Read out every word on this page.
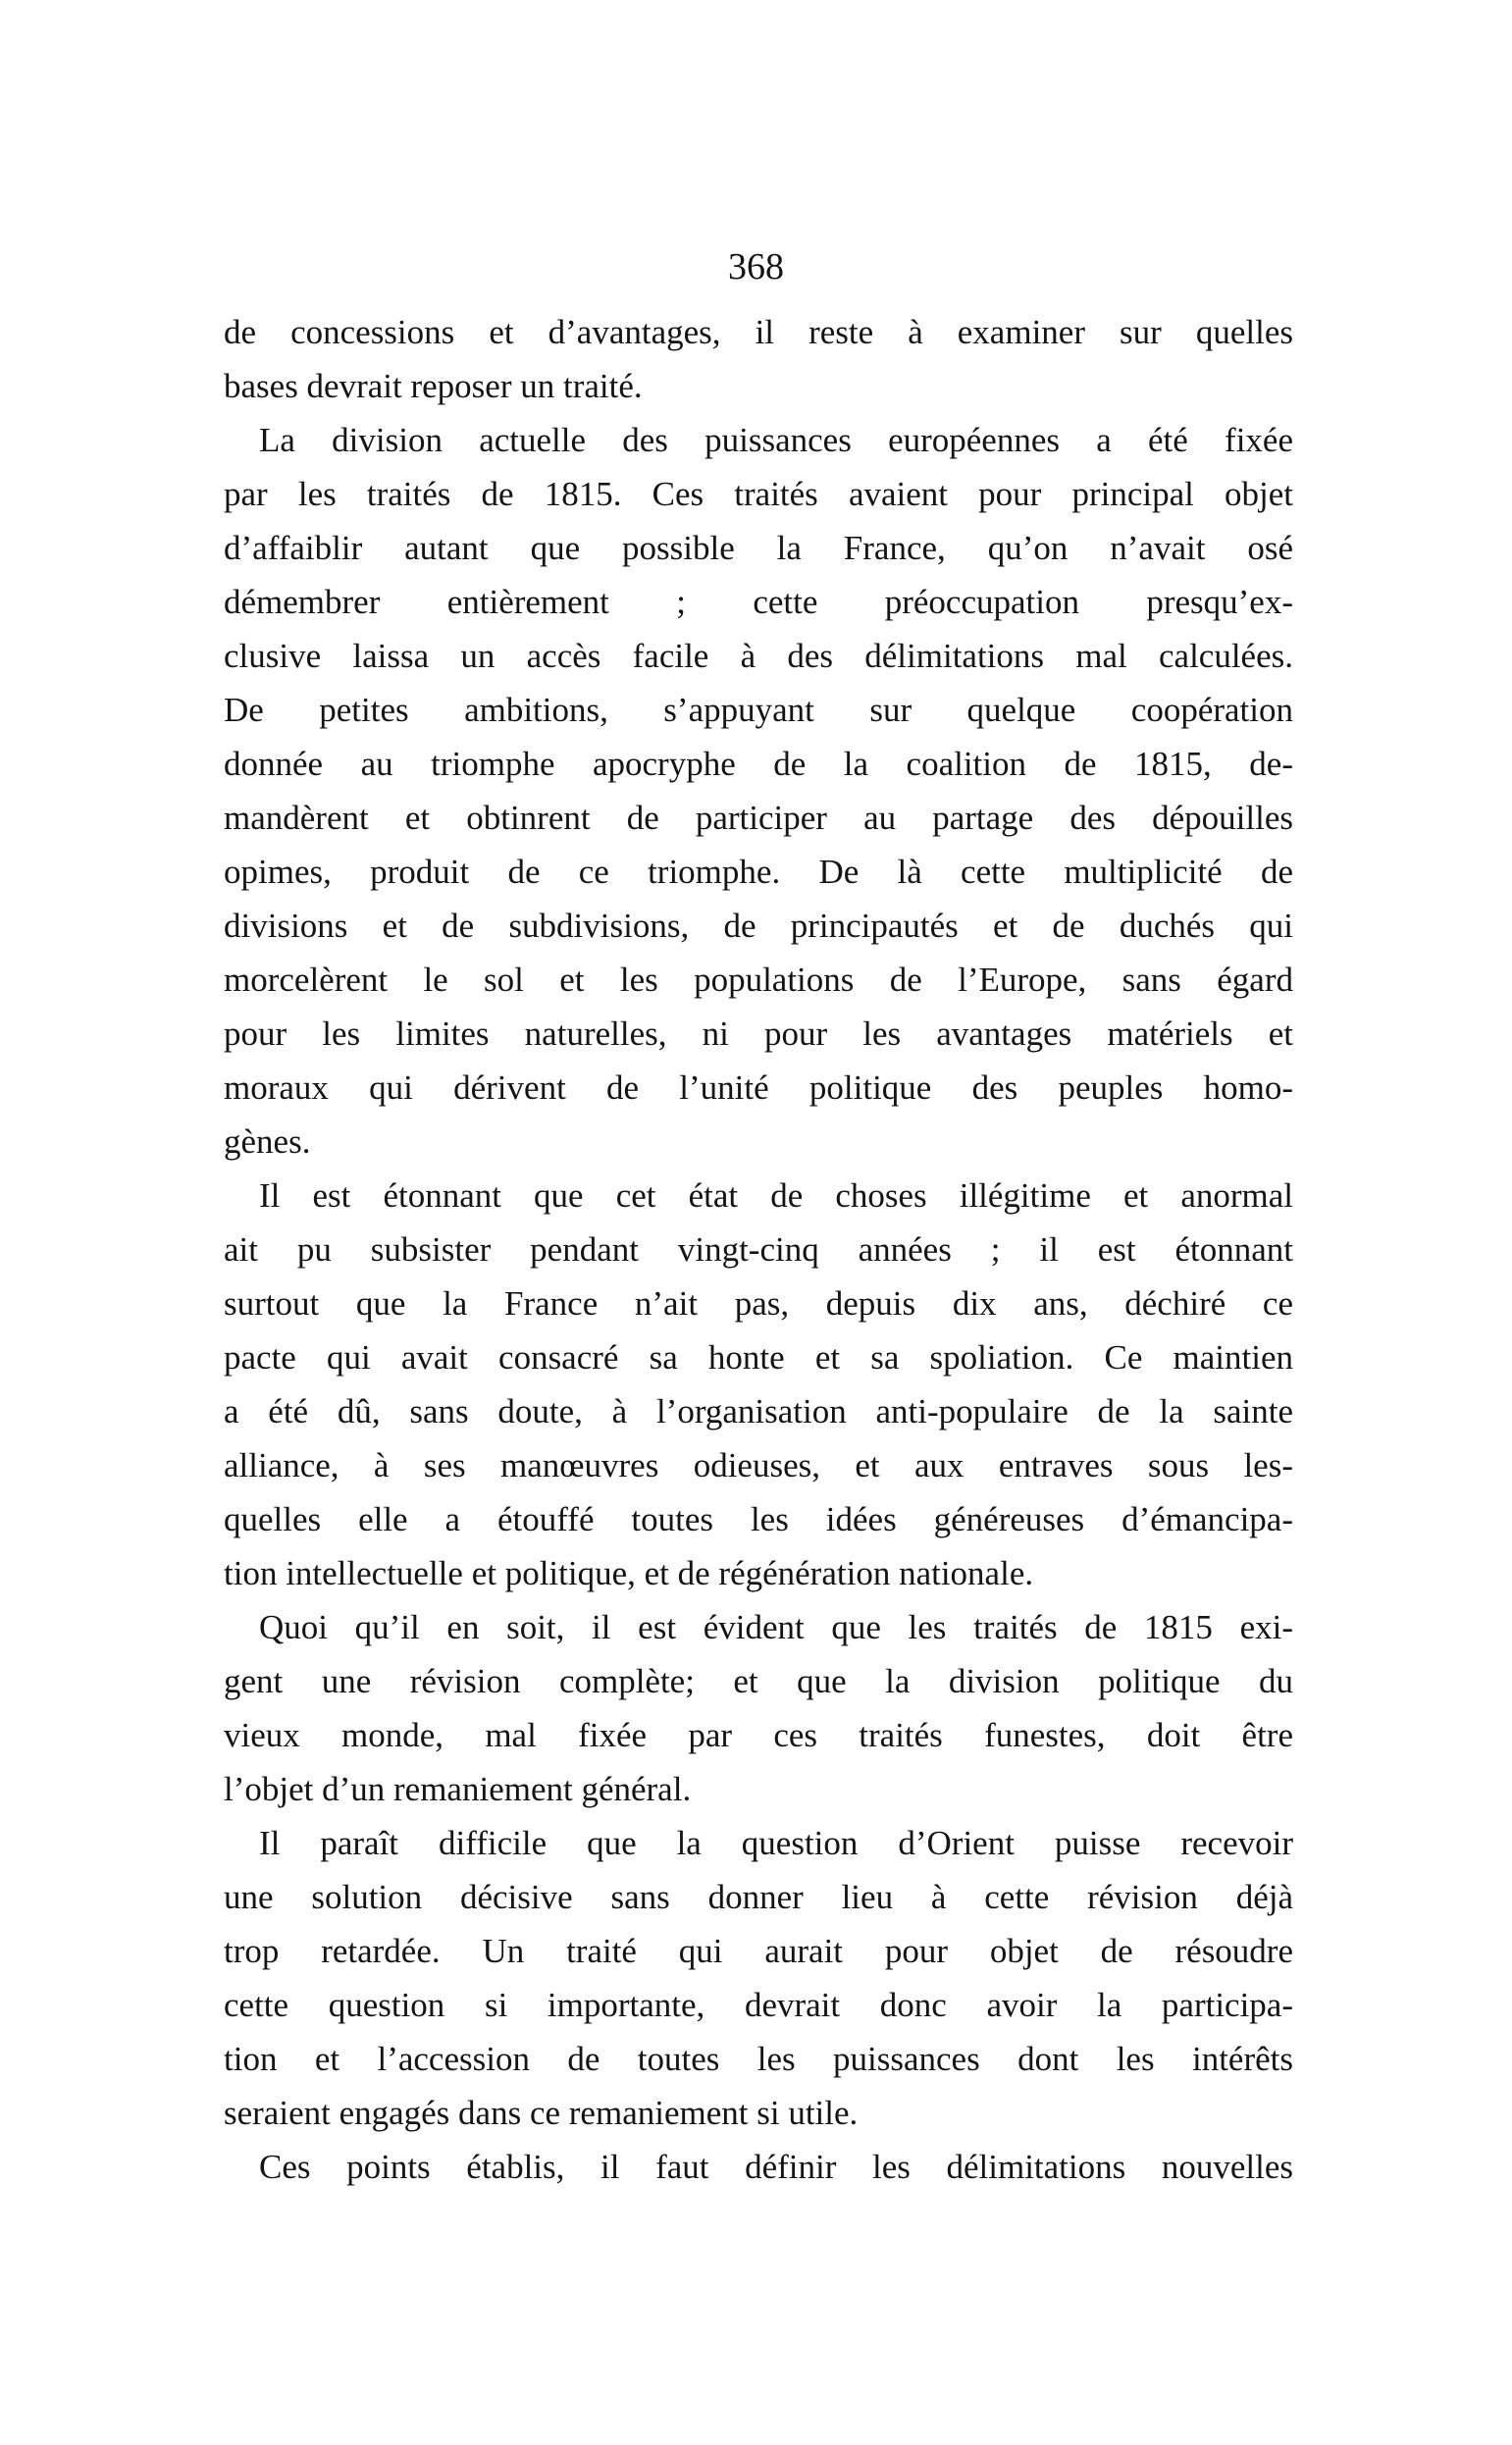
368
de concessions et d’avantages, il reste à examiner sur quelles
bases devrait reposer un traité.
La division actuelle des puissances européennes a été fixée
par les traités de 1815. Ces traités avaient pour principal objet
d’affaiblir autant que possible la France, qu’on n’avait osé
démembrer entièrement ; cette préoccupation presqu’ex-
clusive laissa un accès facile à des délimitations mal calculées.
De petites ambitions, s’appuyant sur quelque coopération
donnée au triomphe apocryphe de la coalition de 1815, de-
mandèrent et obtinrent de participer au partage des dépouilles
opimes, produit de ce triomphe. De là cette multiplicité de
divisions et de subdivisions, de principautés et de duchés qui
morcelèrent le sol et les populations de l’Europe, sans égard
pour les limites naturelles, ni pour les avantages matériels et
moraux qui dérivent de l’unité politique des peuples homo-
gènes.
Il est étonnant que cet état de choses illégitime et anormal
ait pu subsister pendant vingt-cinq années ; il est étonnant
surtout que la France n’ait pas, depuis dix ans, déchiré ce
pacte qui avait consacré sa honte et sa spoliation. Ce maintien
a été dû, sans doute, à l’organisation anti-populaire de la sainte
alliance, à ses manœuvres odieuses, et aux entraves sous les-
quelles elle a étouffé toutes les idées généreuses d’émancipa-
tion intellectuelle et politique, et de régénération nationale.
Quoi qu’il en soit, il est évident que les traités de 1815 exi-
gent une révision complète; et que la division politique du
vieux monde, mal fixée par ces traités funestes, doit être
l’objet d’un remaniement général.
Il paraît difficile que la question d’Orient puisse recevoir
une solution décisive sans donner lieu à cette révision déjà
trop retardée. Un traité qui aurait pour objet de résoudre
cette question si importante, devrait donc avoir la participa-
tion et l’accession de toutes les puissances dont les intérêts
seraient engagés dans ce remaniement si utile.
Ces points établis, il faut définir les délimitations nouvelles
